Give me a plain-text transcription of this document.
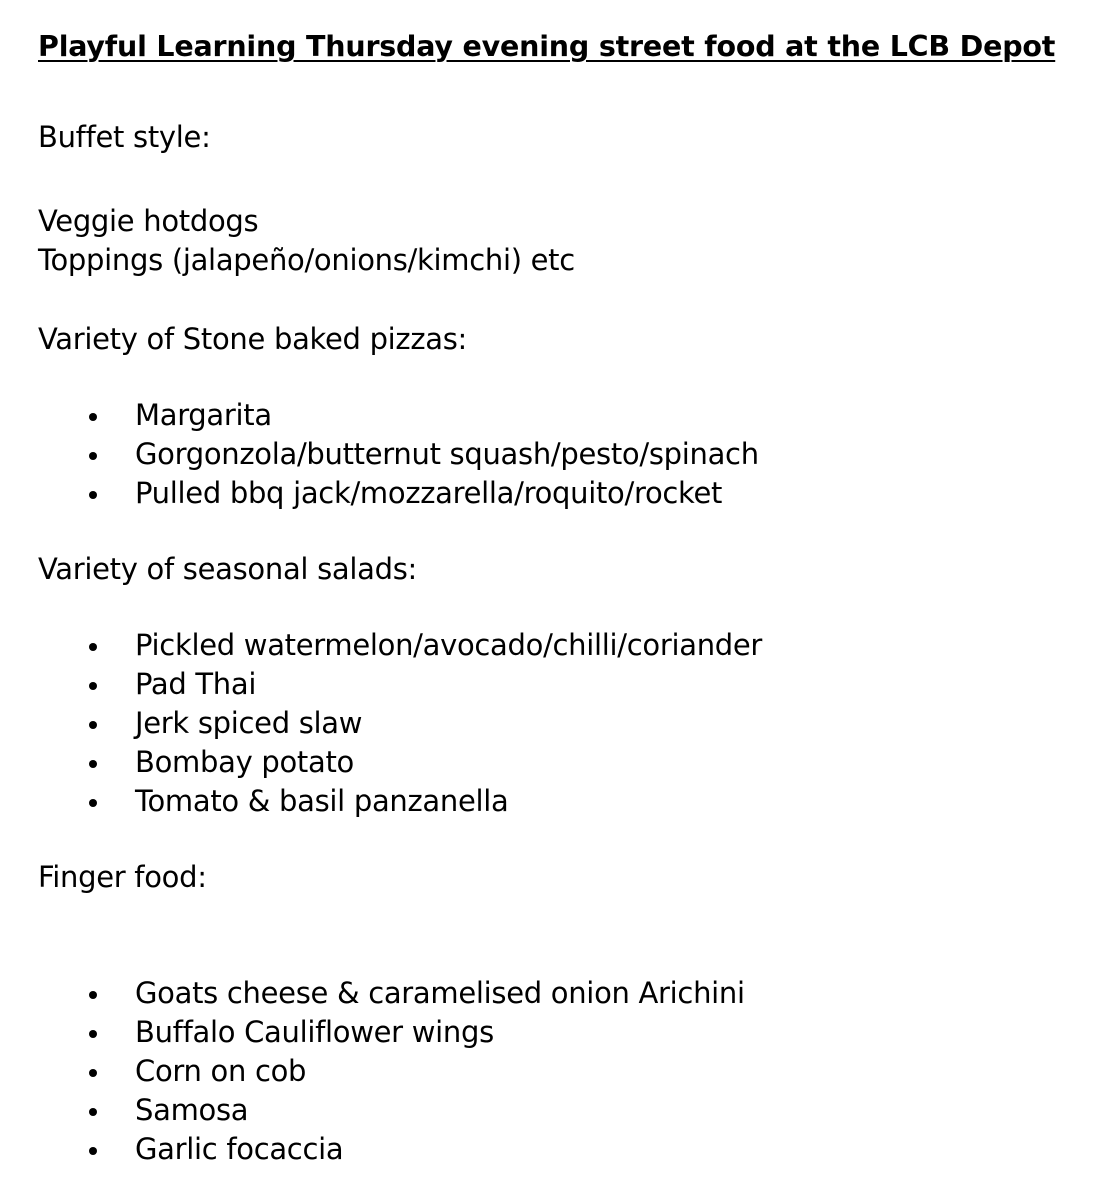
Playful Learning Thursday evening street food at the LCB Depot

Buffet style:

Veggie hotdogs

Toppings (jalapeño/onions/kimchi) etc

Variety of Stone baked pizzas:

Margarita
Gorgonzola/butternut squash/pesto/spinach
Pulled bbq jack/mozzarella/roquito/rocket

Variety of seasonal salads:

Pickled watermelon/avocado/chilli/coriander
Pad Thai
Jerk spiced slaw
Bombay potato
Tomato & basil panzanella

Finger food:

Goats cheese & caramelised onion Arichini
Buffalo Cauliflower wings
Corn on cob
Samosa
Garlic focaccia
